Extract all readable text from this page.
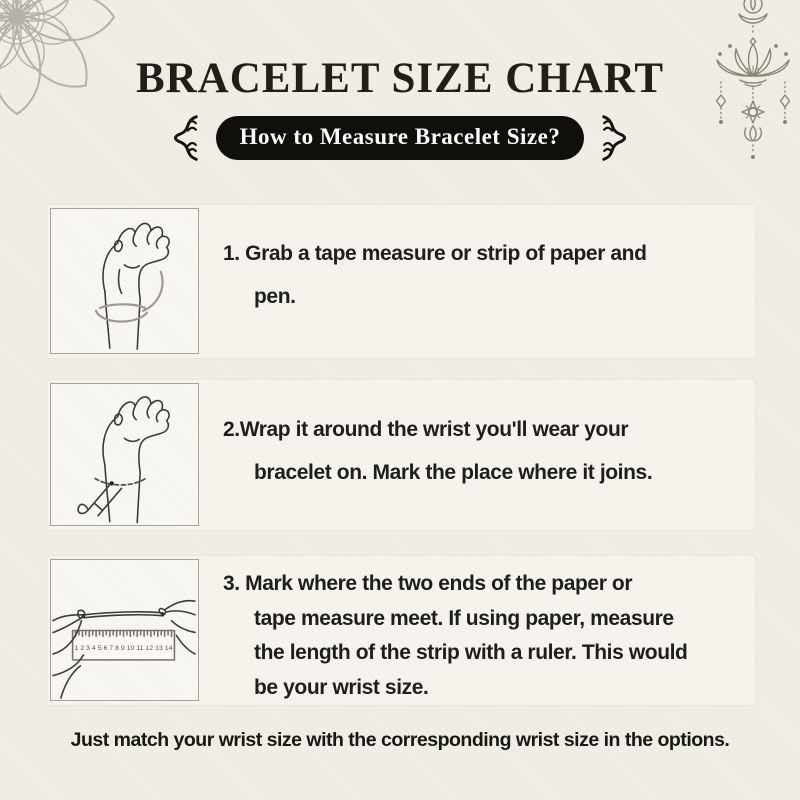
BRACELET SIZE CHART
How to Measure Bracelet Size?
1. Grab a tape measure or strip of paper and
pen.
2.Wrap it around the wrist you'll wear your
bracelet on. Mark the place where it joins.
1 2 3 4 5 6 7 8 9 10 11 12 13 14
3. Mark where the two ends of the paper or
tape measure meet. If using paper, measure
the length of the strip with a ruler. This would
be your wrist size.

Just match your wrist size with the corresponding wrist size in the options.
